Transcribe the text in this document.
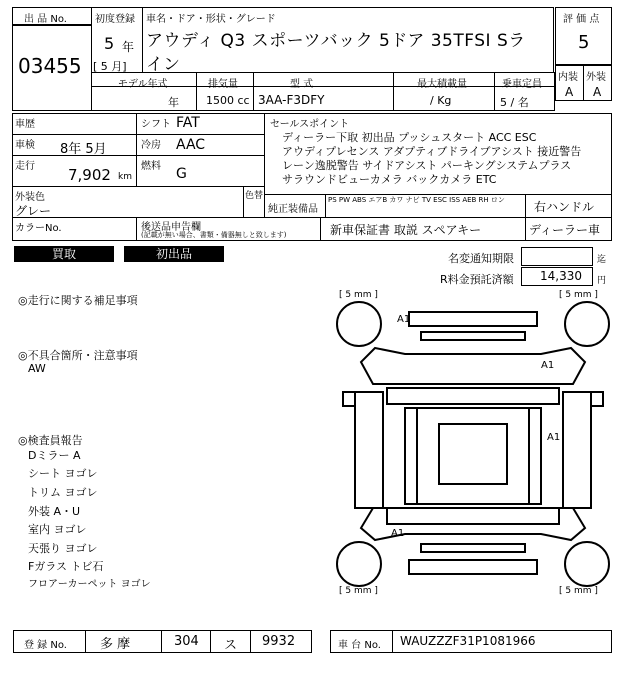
出 品 No.
03455
初度登録
5 年
[ 5 月]
車名・ドア・形状・グレード
アウディ Q3 スポーツバック 5ドア 35TFSI Sラ
イン
評 価 点
5
内装 外装
A A
モデル年式	排気量	型 式	最大積載量	乗車定員
年 1500 cc 3AA-F3DFY	/ Kg	5 / 名
車歴
車検 8年 5月
走行 7,902 km
シフト FAT
冷房 AAC
燃料 G
外装色
グレー
色替
カラーNo.	後送品申告欄
(記載が無い場合、書類・備器無しと致します)
セールスポイント
ディーラー下取 初出品 プッシュスタート ACC ESC
アウディプレセンス アダプティブドライブアシスト 接近警告
レーン逸脱警告 サイドアシスト パーキングシステムプラス
サラウンドビューカメラ バックカメラ ETC
純正装備品
PS PW ABS エアB カワ ナビ TV ESC ISS AEB RH ロン	右ハンドル
新車保証書 取説 スペアキー	ディーラー車
買取	初出品	名変通知期限	迄
R料金預託済額 14,330 円
◎走行に関する補足事項
◎不具合箇所・注意事項
AW
◎検査員報告
Dミラー A
シート ヨゴレ
トリム ヨゴレ
外装 A・U
室内 ヨゴレ
天張り ヨゴレ
Fガラス トビ石
フロアーカーペット ヨゴレ
[ 5 mm ]	[ 5 mm ]
[ 5 mm ]	[ 5 mm ]
A1
A1
A1
A1
登 録 No.	多 摩	304 ス 9932	車 台 No. WAUZZZF31P1081966
